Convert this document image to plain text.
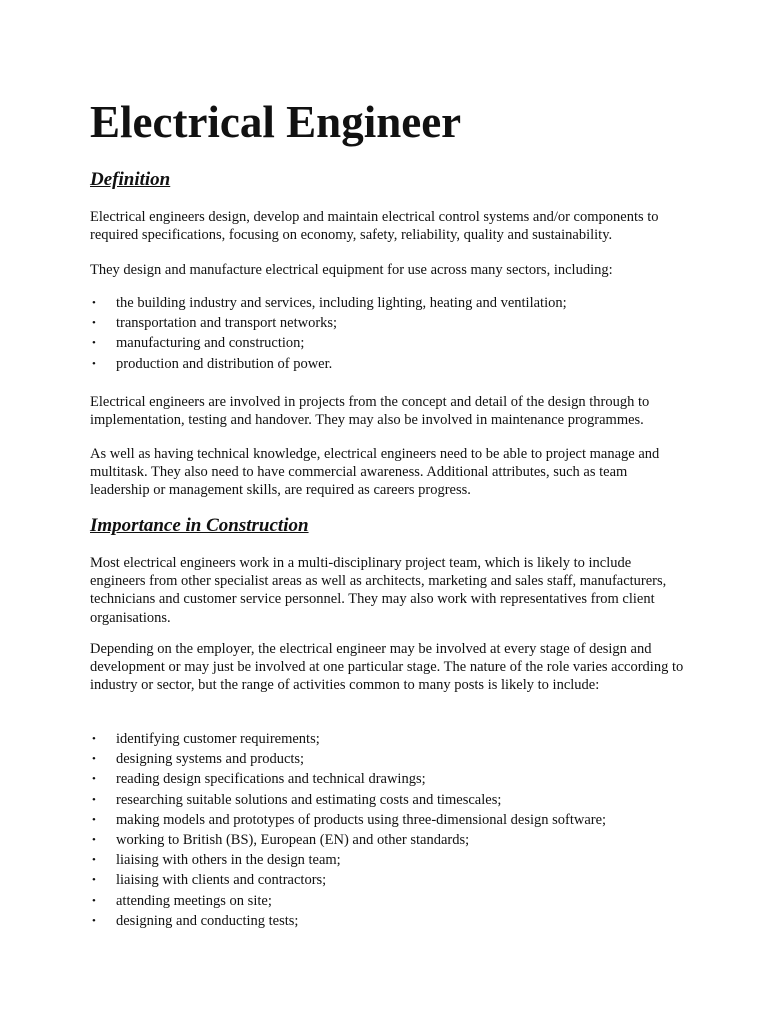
Electrical Engineer
Definition

Electrical engineers design, develop and maintain electrical control systems and/or components to required specifications, focusing on economy, safety, reliability, quality and sustainability.

They design and manufacture electrical equipment for use across many sectors, including:

• the building industry and services, including lighting, heating and ventilation;
• transportation and transport networks;
• manufacturing and construction;
• production and distribution of power.

Electrical engineers are involved in projects from the concept and detail of the design through to implementation, testing and handover. They may also be involved in maintenance programmes.

As well as having technical knowledge, electrical engineers need to be able to project manage and multitask. They also need to have commercial awareness. Additional attributes, such as team leadership or management skills, are required as careers progress.

Importance in Construction

Most electrical engineers work in a multi-disciplinary project team, which is likely to include engineers from other specialist areas as well as architects, marketing and sales staff, manufacturers, technicians and customer service personnel. They may also work with representatives from client organisations.

Depending on the employer, the electrical engineer may be involved at every stage of design and development or may just be involved at one particular stage. The nature of the role varies according to industry or sector, but the range of activities common to many posts is likely to include:

• identifying customer requirements;
• designing systems and products;
• reading design specifications and technical drawings;
• researching suitable solutions and estimating costs and timescales;
• making models and prototypes of products using three-dimensional design software;
• working to British (BS), European (EN) and other standards;
• liaising with others in the design team;
• liaising with clients and contractors;
• attending meetings on site;
• designing and conducting tests;
